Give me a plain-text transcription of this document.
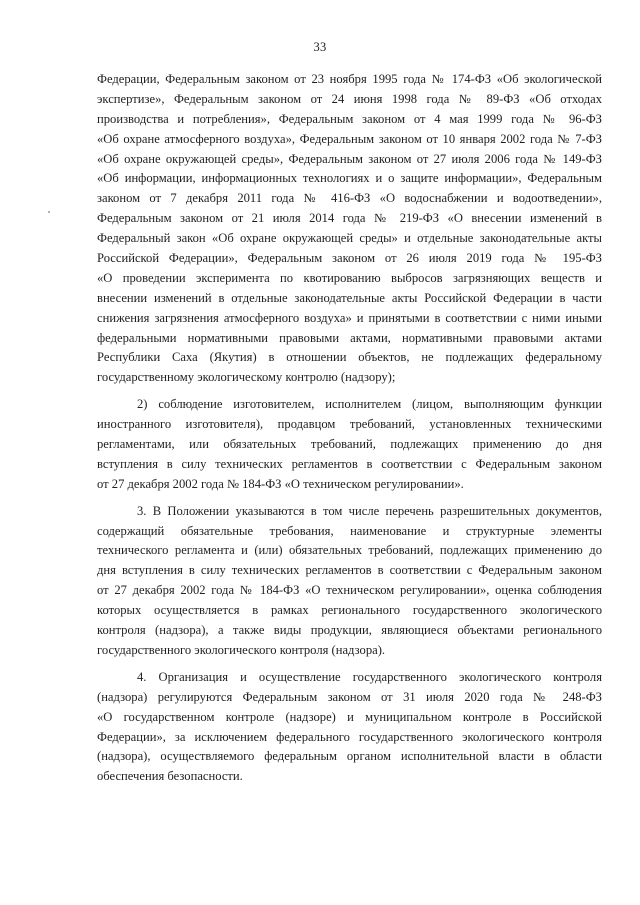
33
Федерации, Федеральным законом от 23 ноября 1995 года № 174-ФЗ «Об экологической
экспертизе», Федеральным законом от 24 июня 1998 года № 89-ФЗ «Об отходах
производства и потребления», Федеральным законом от 4 мая 1999 года № 96-ФЗ
«Об охране атмосферного воздуха», Федеральным законом от 10 января 2002 года № 7-ФЗ
«Об охране окружающей среды», Федеральным законом от 27 июля 2006 года № 149-ФЗ
«Об информации, информационных технологиях и о защите информации», Федеральным
законом от 7 декабря 2011 года № 416-ФЗ «О водоснабжении и водоотведении»,
Федеральным законом от 21 июля 2014 года № 219-ФЗ «О внесении изменений в
Федеральный закон «Об охране окружающей среды» и отдельные законодательные акты
Российской Федерации», Федеральным законом от 26 июля 2019 года № 195-ФЗ
«О проведении эксперимента по квотированию выбросов загрязняющих веществ и
внесении изменений в отдельные законодательные акты Российской Федерации в части
снижения загрязнения атмосферного воздуха» и принятыми в соответствии с ними иными
федеральными нормативными правовыми актами, нормативными правовыми актами
Республики Саха (Якутия) в отношении объектов, не подлежащих федеральному
государственному экологическому контролю (надзору);
2) соблюдение изготовителем, исполнителем (лицом, выполняющим функции
иностранного изготовителя), продавцом требований, установленных техническими
регламентами, или обязательных требований, подлежащих применению до дня
вступления в силу технических регламентов в соответствии с Федеральным законом
от 27 декабря 2002 года № 184-ФЗ «О техническом регулировании».
3. В Положении указываются в том числе перечень разрешительных документов,
содержащий обязательные требования, наименование и структурные элементы
технического регламента и (или) обязательных требований, подлежащих применению до
дня вступления в силу технических регламентов в соответствии с Федеральным законом
от 27 декабря 2002 года № 184-ФЗ «О техническом регулировании», оценка соблюдения
которых осуществляется в рамках регионального государственного экологического
контроля (надзора), а также виды продукции, являющиеся объектами регионального
государственного экологического контроля (надзора).
4. Организация и осуществление государственного экологического контроля
(надзора) регулируются Федеральным законом от 31 июля 2020 года № 248-ФЗ
«О государственном контроле (надзоре) и муниципальном контроле в Российской
Федерации», за исключением федерального государственного экологического контроля
(надзора), осуществляемого федеральным органом исполнительной власти в области
обеспечения безопасности.
